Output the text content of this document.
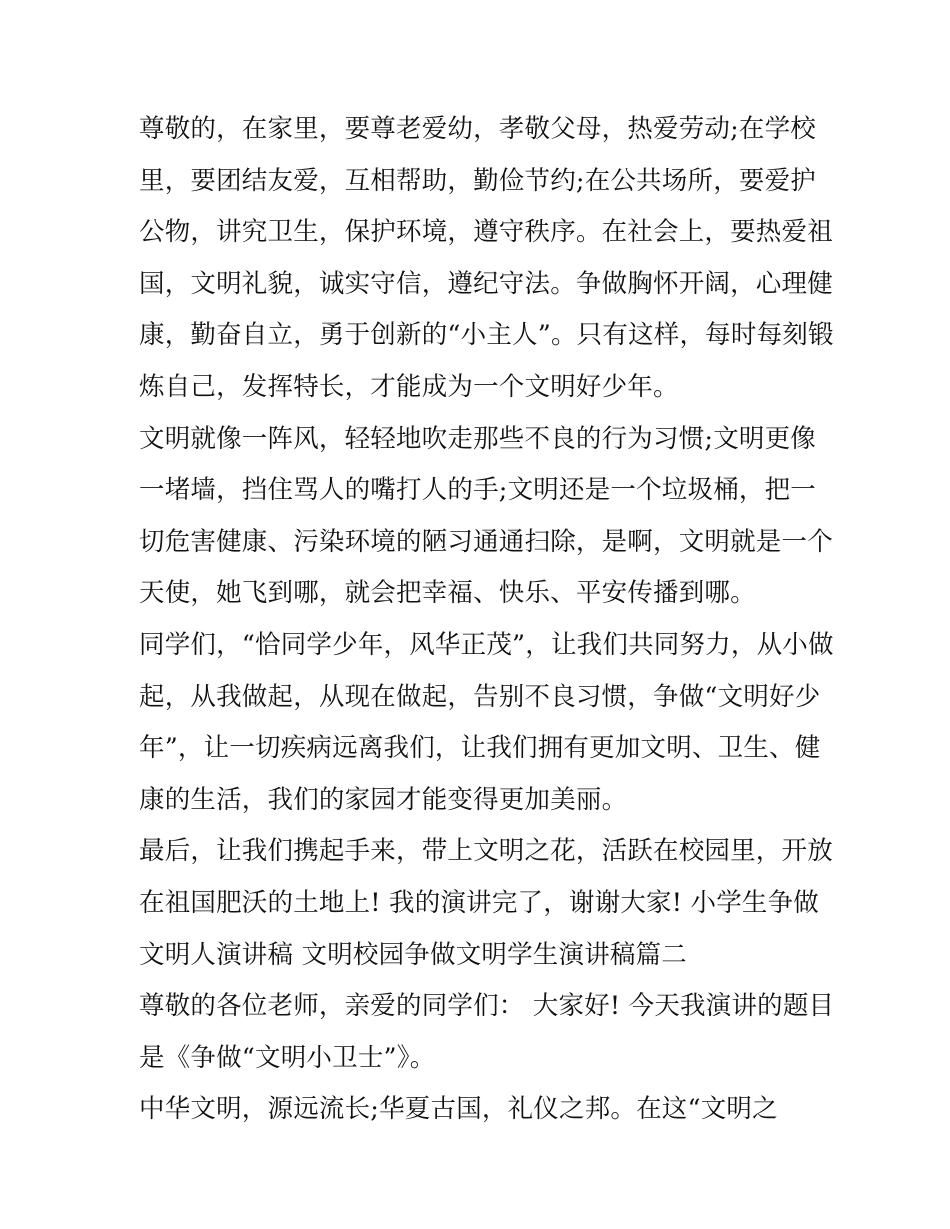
尊敬的，在家里，要尊老爱幼，孝敬父母，热爱劳动;在学校
里，要团结友爱，互相帮助，勤俭节约;在公共场所，要爱护
公物，讲究卫生，保护环境，遵守秩序。在社会上，要热爱祖
国，文明礼貌，诚实守信，遵纪守法。争做胸怀开阔，心理健
康，勤奋自立，勇于创新的“小主人”。只有这样，每时每刻锻
炼自己，发挥特长，才能成为一个文明好少年。
文明就像一阵风，轻轻地吹走那些不良的行为习惯;文明更像
一堵墙，挡住骂人的嘴打人的手;文明还是一个垃圾桶，把一
切危害健康、污染环境的陋习通通扫除，是啊，文明就是一个
天使，她飞到哪，就会把幸福、快乐、平安传播到哪。
同学们，“恰同学少年，风华正茂”，让我们共同努力，从小做
起，从我做起，从现在做起，告别不良习惯，争做“文明好少
年”，让一切疾病远离我们，让我们拥有更加文明、卫生、健
康的生活，我们的家园才能变得更加美丽。
最后，让我们携起手来，带上文明之花，活跃在校园里，开放
在祖国肥沃的土地上! 我的演讲完了，谢谢大家! 小学生争做
文明人演讲稿 文明校园争做文明学生演讲稿篇二
尊敬的各位老师，亲爱的同学们： 大家好! 今天我演讲的题目
是《争做“文明小卫士”》。
中华文明，源远流长;华夏古国，礼仪之邦。在这“文明之
